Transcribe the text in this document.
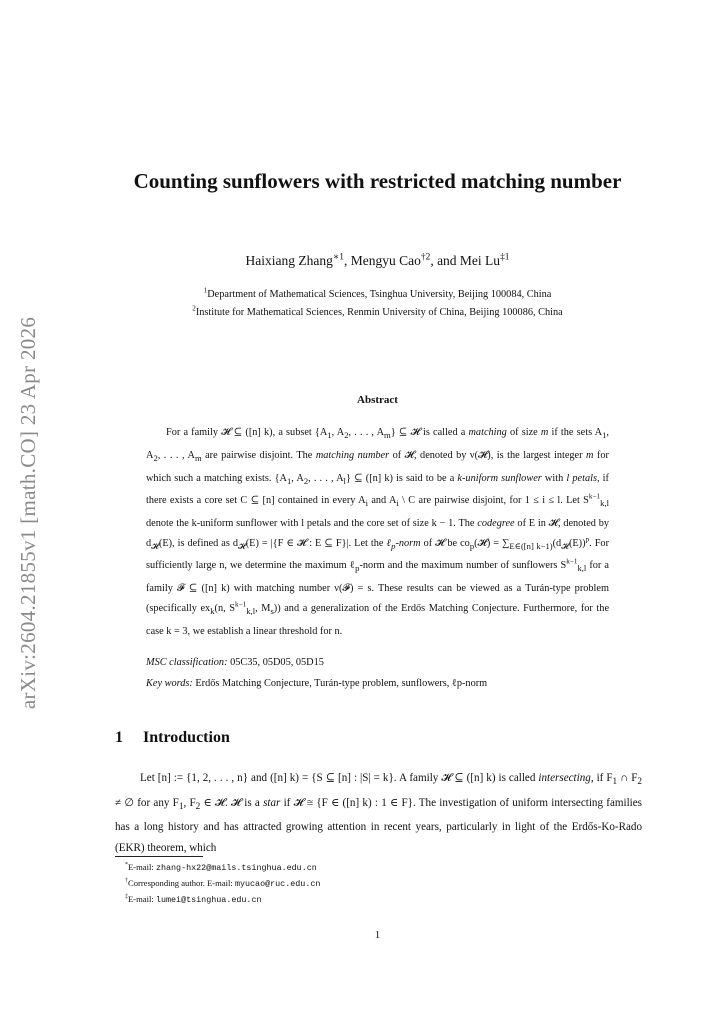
arXiv:2604.21855v1 [math.CO] 23 Apr 2026
Counting sunflowers with restricted matching number
Haixiang Zhang$^{∗1}$, Mengyu Cao$^{\dagger 2}$, and Mei Lu$^{\ddagger 1}$
$^1$Department of Mathematical Sciences, Tsinghua University, Beijing 100084, China
$^2$Institute for Mathematical Sciences, Renmin University of China, Beijing 100086, China
Abstract
For a family 𝓗 ⊆ ([n] k), a subset {$A_1$, $A_2$, . . . , $A_m$} ⊆ 𝓗 is called a matching of size m if the sets $A_1$, $A_2$, . . . , $A_m$ are pairwise disjoint. The matching number of 𝓗, denoted by ν(𝓗), is the largest integer m for which such a matching exists. {$A_1$, $A_2$, . . . , $A_l$} ⊆ ([n] k) is said to be a k-uniform sunflower with l petals, if there exists a core set C ⊆ [n] contained in every $A_i$ and $A_i$ \ C are pairwise disjoint, for 1 ≤ i ≤ l. Let $S^{k-1}_{k,l}$ denote the k-uniform sunflower with l petals and the core set of size k − 1. The codegree of E in 𝓗, denoted by $d_𝓗(E)$, is defined as $d_𝓗(E) = |\{F$ ∈ 𝓗 : E ⊆ F}|. Let the ℓ$_p$-norm of 𝓗 be $co_p(𝓗) = \sum_{E\in([n] k-1)}(d_𝓗(E))^p$. For sufficiently large n, we determine the maximum ℓ$_p$-norm and the maximum number of sunflowers $S^{k-1}_{k,l}$ for a family 𝓕 ⊆ ([n] k) with matching number ν(𝓕) = s. These results can be viewed as a Turán-type problem (specifically $ex_k(n$, $S^{k-1}_{k,l}$, $M_s$)) and a generalization of the Erdős Matching Conjecture. Furthermore, for the case k = 3, we establish a linear threshold for n.
MSC classification: 05C35, 05D05, 05D15
Key words: Erdős Matching Conjecture, Turán-type problem, sunflowers, ℓp-norm
1 Introduction
Let [n] := {1, 2, . . . , n} and ([n] k) = {S ⊆ [n] : |S| = k}. A family 𝓗 ⊆ ([n] k) is called intersecting, if $F_1$ ∩ $F_2$ ≠ ∅ for any $F_1$, $F_2$ ∈ 𝓗. 𝓗 is a star if 𝓗 ≅ {F ∈ ([n] k) : 1 ∈ F}. The investigation of uniform intersecting families has a long history and has attracted growing attention in recent years, particularly in light of the Erdős-Ko-Rado (EKR) theorem, which
*E-mail: zhang-hx22@mails.tsinghua.edu.cn
†Corresponding author. E-mail: myucao@ruc.edu.cn
‡E-mail: lumei@tsinghua.edu.cn
1
